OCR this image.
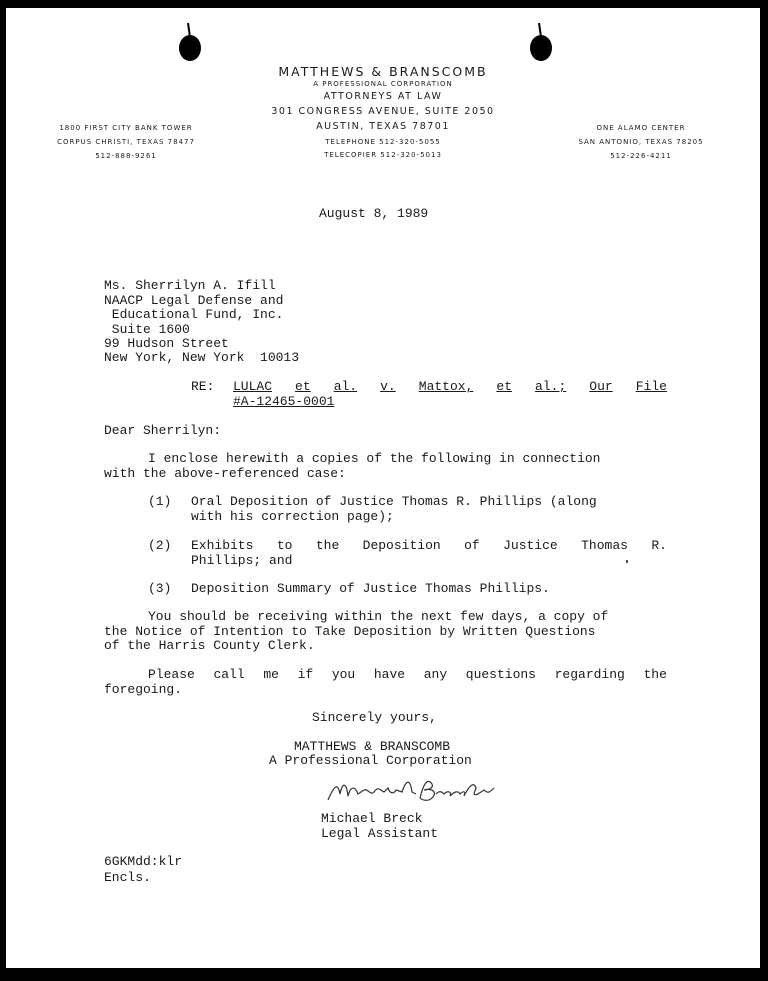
MATTHEWS & BRANSCOMB
A PROFESSIONAL CORPORATION
ATTORNEYS AT LAW
301 CONGRESS AVENUE, SUITE 2050
AUSTIN, TEXAS 78701
TELEPHONE 512-320-5055
TELECOPIER 512-320-5013
1800 FIRST CITY BANK TOWER
CORPUS CHRISTI, TEXAS 78477
512-888-9261
ONE ALAMO CENTER
SAN ANTONIO, TEXAS 78205
512-226-4211
August 8, 1989
Ms. Sherrilyn A. Ifill
NAACP Legal Defense and
Educational Fund, Inc.
Suite 1600
99 Hudson Street
New York, New York  10013
RE: LULAC et al. v. Mattox, et al.; Our File
#A-12465-0001
Dear Sherrilyn:
I enclose herewith a copies of the following in connection
with the above-referenced case:
(1) Oral Deposition of Justice Thomas R. Phillips (along
with his correction page);
(2) Exhibits to the Deposition of Justice Thomas R.
Phillips; and
(3) Deposition Summary of Justice Thomas Phillips.
You should be receiving within the next few days, a copy of
the Notice of Intention to Take Deposition by Written Questions
of the Harris County Clerk.
Please call me if you have any questions regarding the
foregoing.
Sincerely yours,
MATTHEWS & BRANSCOMB
A Professional Corporation
Michael Breck
Legal Assistant
6GKMdd:klr
Encls.
